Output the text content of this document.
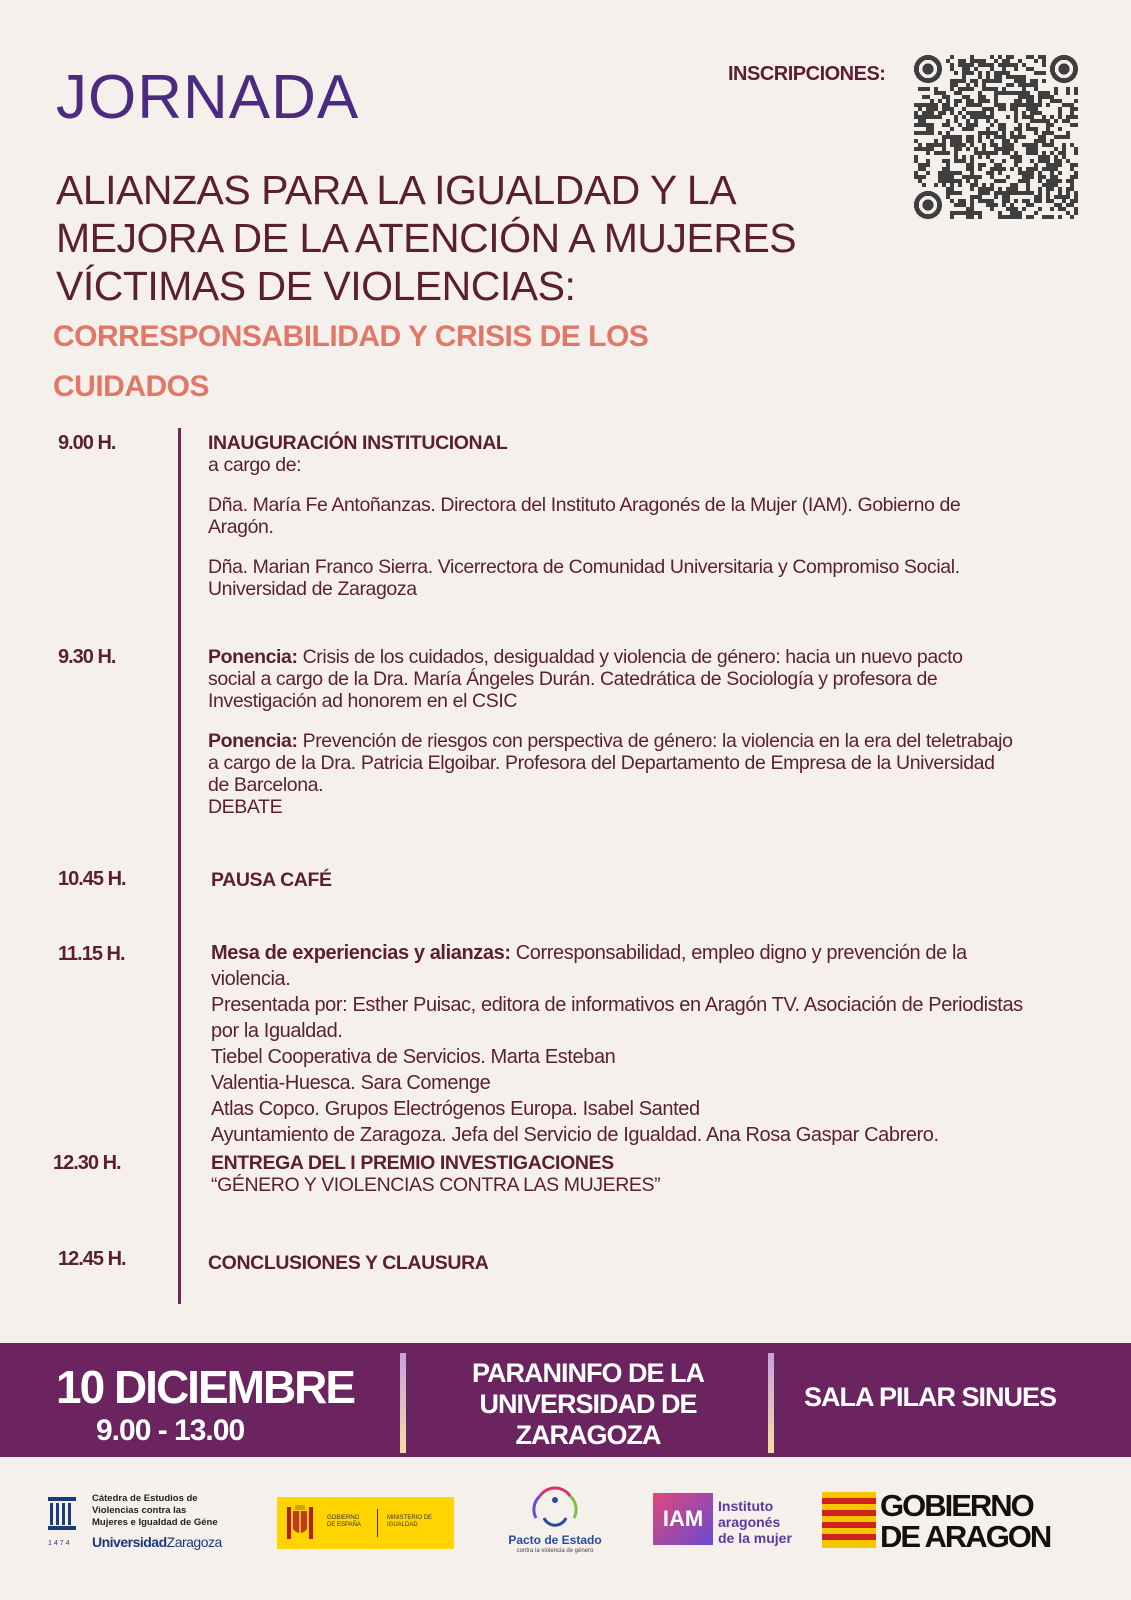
JORNADA	INSCRIPCIONES:
ALIANZAS PARA LA IGUALDAD Y LA
MEJORA DE LA ATENCIÓN A MUJERES
VÍCTIMAS DE VIOLENCIAS:
CORRESPONSABILIDAD Y CRISIS DE LOS
CUIDADOS
9.00 H.	INAUGURACIÓN INSTITUCIONAL

a cargo de:

Dña. María Fe Antoñanzas. Directora del Instituto Aragonés de la Mujer (IAM). Gobierno de Aragón.

Dña. Marian Franco Sierra. Vicerrectora de Comunidad Universitaria y Compromiso Social. Universidad de Zaragoza

9.30 H.	Ponencia: Crisis de los cuidados, desigualdad y violencia de género: hacia un nuevo pacto social a cargo de la Dra. María Ángeles Durán. Catedrática de Sociología y profesora de Investigación ad honorem en el CSIC

Ponencia: Prevención de riesgos con perspectiva de género: la violencia en la era del teletrabajo a cargo de la Dra. Patricia Elgoibar. Profesora del Departamento de Empresa de la Universidad de Barcelona.

DEBATE

10.45 H.	PAUSA CAFÉ
11.15 H.	Mesa de experiencias y alianzas: Corresponsabilidad, empleo digno y prevención de la violencia.

Presentada por: Esther Puisac, editora de informativos en Aragón TV. Asociación de Periodistas por la Igualdad.

Tiebel Cooperativa de Servicios. Marta Esteban

Valentia-Huesca. Sara Comenge

Atlas Copco. Grupos Electrógenos Europa. Isabel Santed

Ayuntamiento de Zaragoza. Jefa del Servicio de Igualdad. Ana Rosa Gaspar Cabrero.

12.30 H.	ENTREGA DEL I PREMIO INVESTIGACIONES

“GÉNERO Y VIOLENCIAS CONTRA LAS MUJERES”

12.45 H.	CONCLUSIONES Y CLAUSURA
10 DICIEMBRE
9.00 - 13.00
PARANINFO DE LA
UNIVERSIDAD DE
ZARAGOZA
SALA PILAR SINUES
1474
Cátedra de Estudios de
Violencias contra las
Mujeres e Igualdad de Géne
UniversidadZaragoza
GOBIERNO DE ESPAÑA
MINISTERIO DE IGUALDAD
Pacto de Estado
contra la violencia de género
IAM	Instituto
aragonés
de la mujer
GOBIERNO
DE ARAGON
